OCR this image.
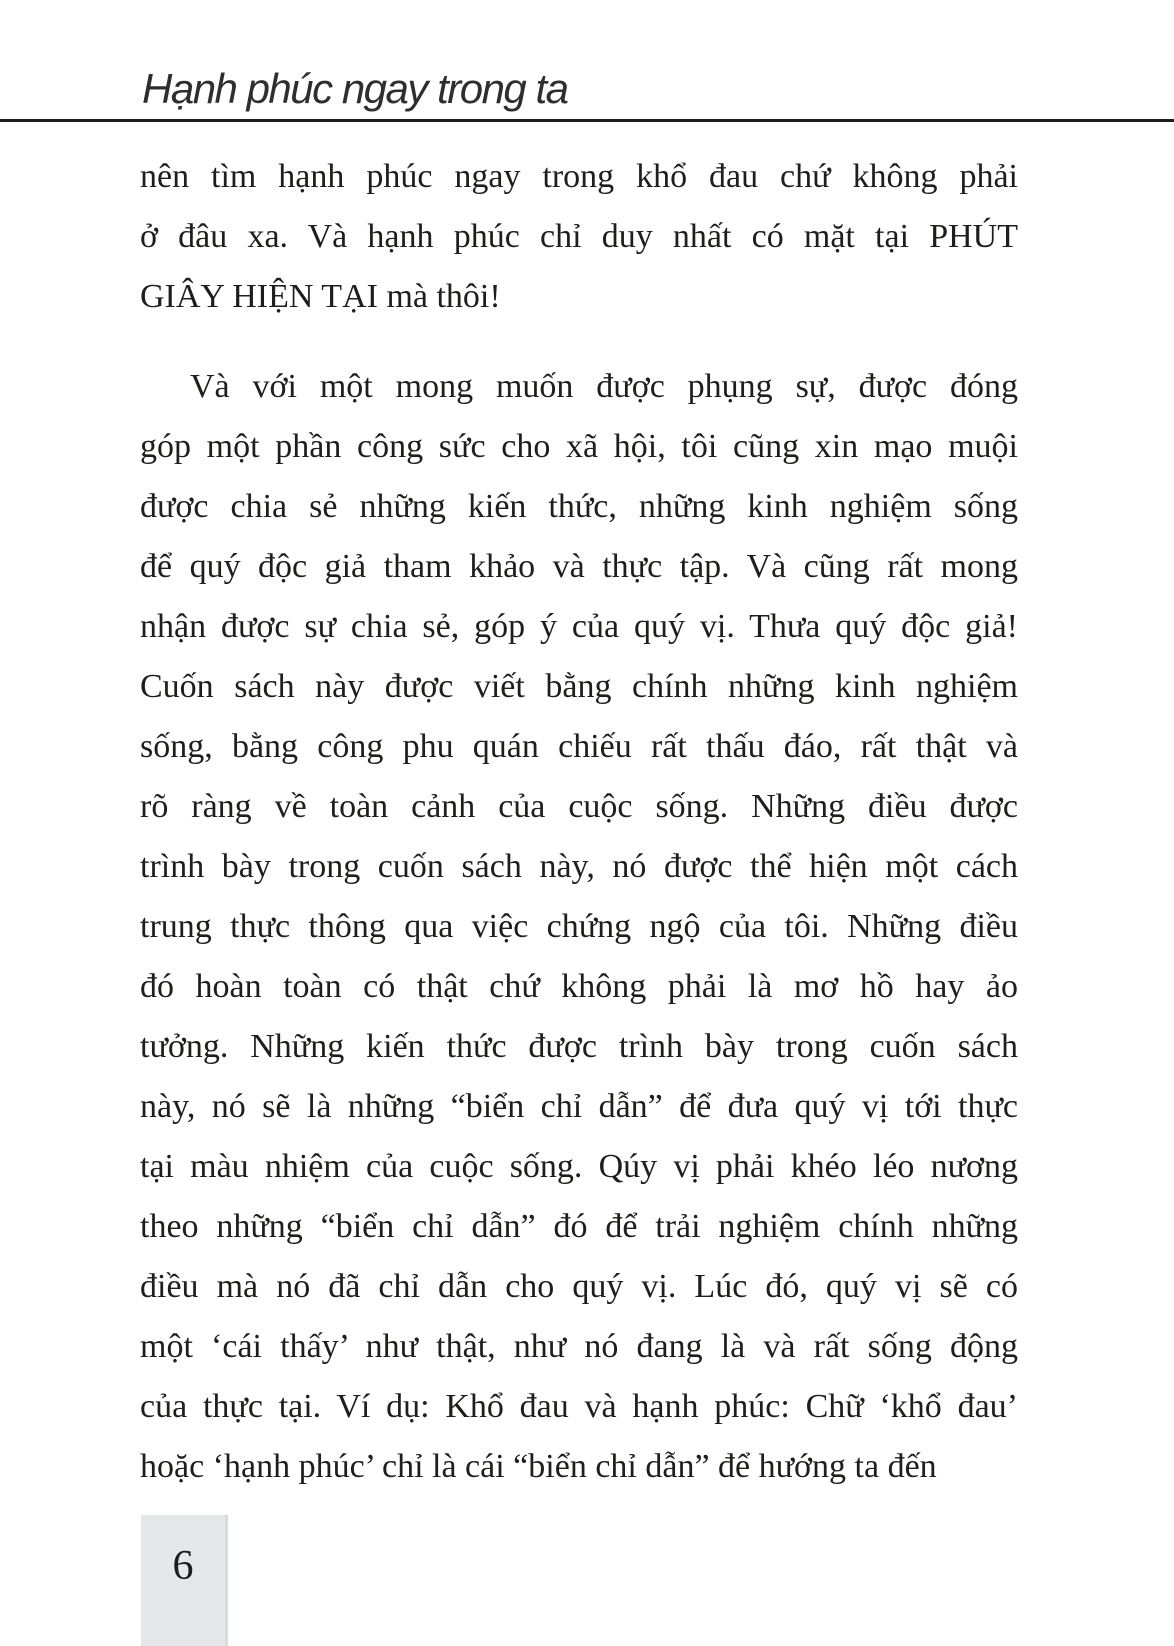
Hạnh phúc ngay trong ta
nên tìm hạnh phúc ngay trong khổ đau chứ không phải
ở đâu xa. Và hạnh phúc chỉ duy nhất có mặt tại PHÚT
GIÂY HIỆN TẠI mà thôi!
Và với một mong muốn được phụng sự, được đóng
góp một phần công sức cho xã hội, tôi cũng xin mạo muội
được chia sẻ những kiến thức, những kinh nghiệm sống
để quý độc giả tham khảo và thực tập. Và cũng rất mong
nhận được sự chia sẻ, góp ý của quý vị. Thưa quý độc giả!
Cuốn sách này được viết bằng chính những kinh nghiệm
sống, bằng công phu quán chiếu rất thấu đáo, rất thật và
rõ ràng về toàn cảnh của cuộc sống. Những điều được
trình bày trong cuốn sách này, nó được thể hiện một cách
trung thực thông qua việc chứng ngộ của tôi. Những điều
đó hoàn toàn có thật chứ không phải là mơ hồ hay ảo
tưởng. Những kiến thức được trình bày trong cuốn sách
này, nó sẽ là những “biển chỉ dẫn” để đưa quý vị tới thực
tại màu nhiệm của cuộc sống. Qúy vị phải khéo léo nương
theo những “biển chỉ dẫn” đó để trải nghiệm chính những
điều mà nó đã chỉ dẫn cho quý vị. Lúc đó, quý vị sẽ có
một ‘cái thấy’ như thật, như nó đang là và rất sống động
của thực tại. Ví dụ: Khổ đau và hạnh phúc: Chữ ‘khổ đau’
hoặc ‘hạnh phúc’ chỉ là cái “biển chỉ dẫn” để hướng ta đến
6
